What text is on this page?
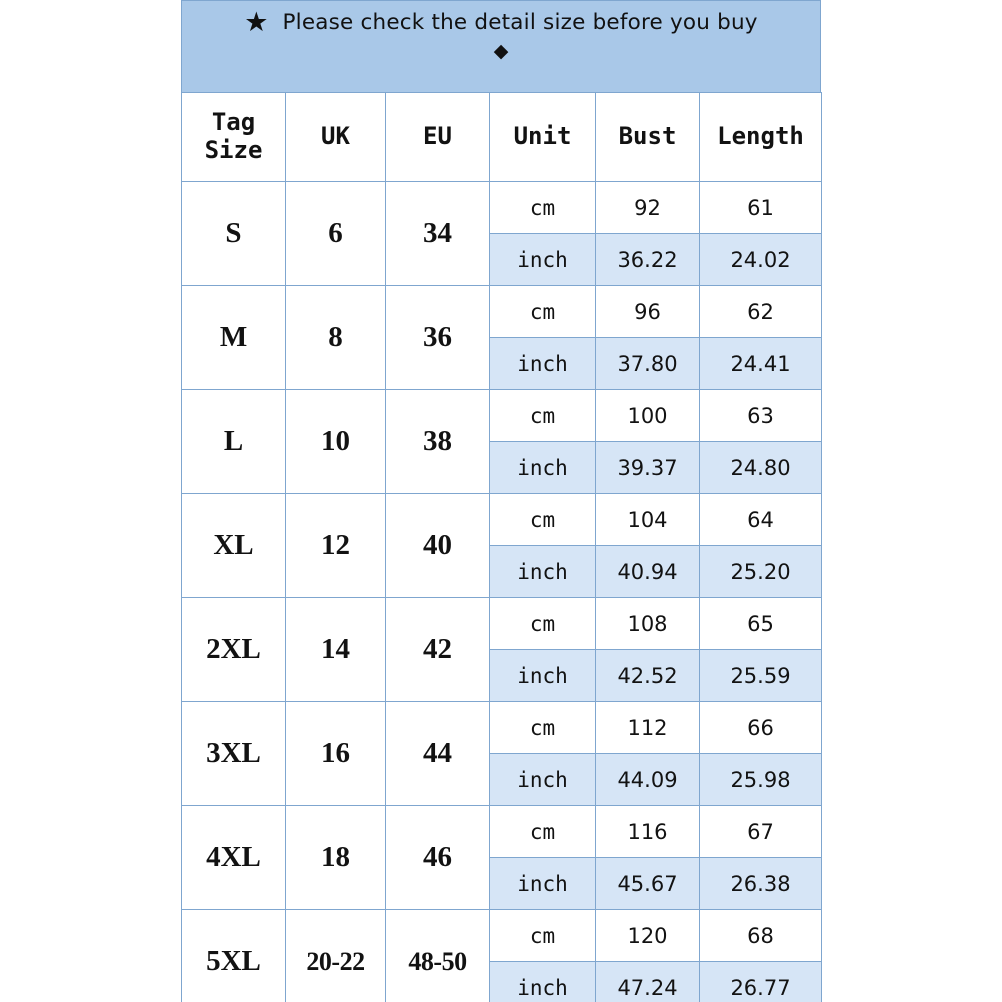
★ Please check the detail size before you buy
◆
Tag
Size	UK	EU	Unit	Bust	Length
S	6	34	cm	92	61
			inch	36.22	24.02
M	8	36	cm	96	62
			inch	37.80	24.41
L	10	38	cm	100	63
			inch	39.37	24.80
XL	12	40	cm	104	64
			inch	40.94	25.20
2XL	14	42	cm	108	65
			inch	42.52	25.59
3XL	16	44	cm	112	66
			inch	44.09	25.98
4XL	18	46	cm	116	67
			inch	45.67	26.38
5XL	20-22	48-50	cm	120	68
			inch	47.24	26.77
